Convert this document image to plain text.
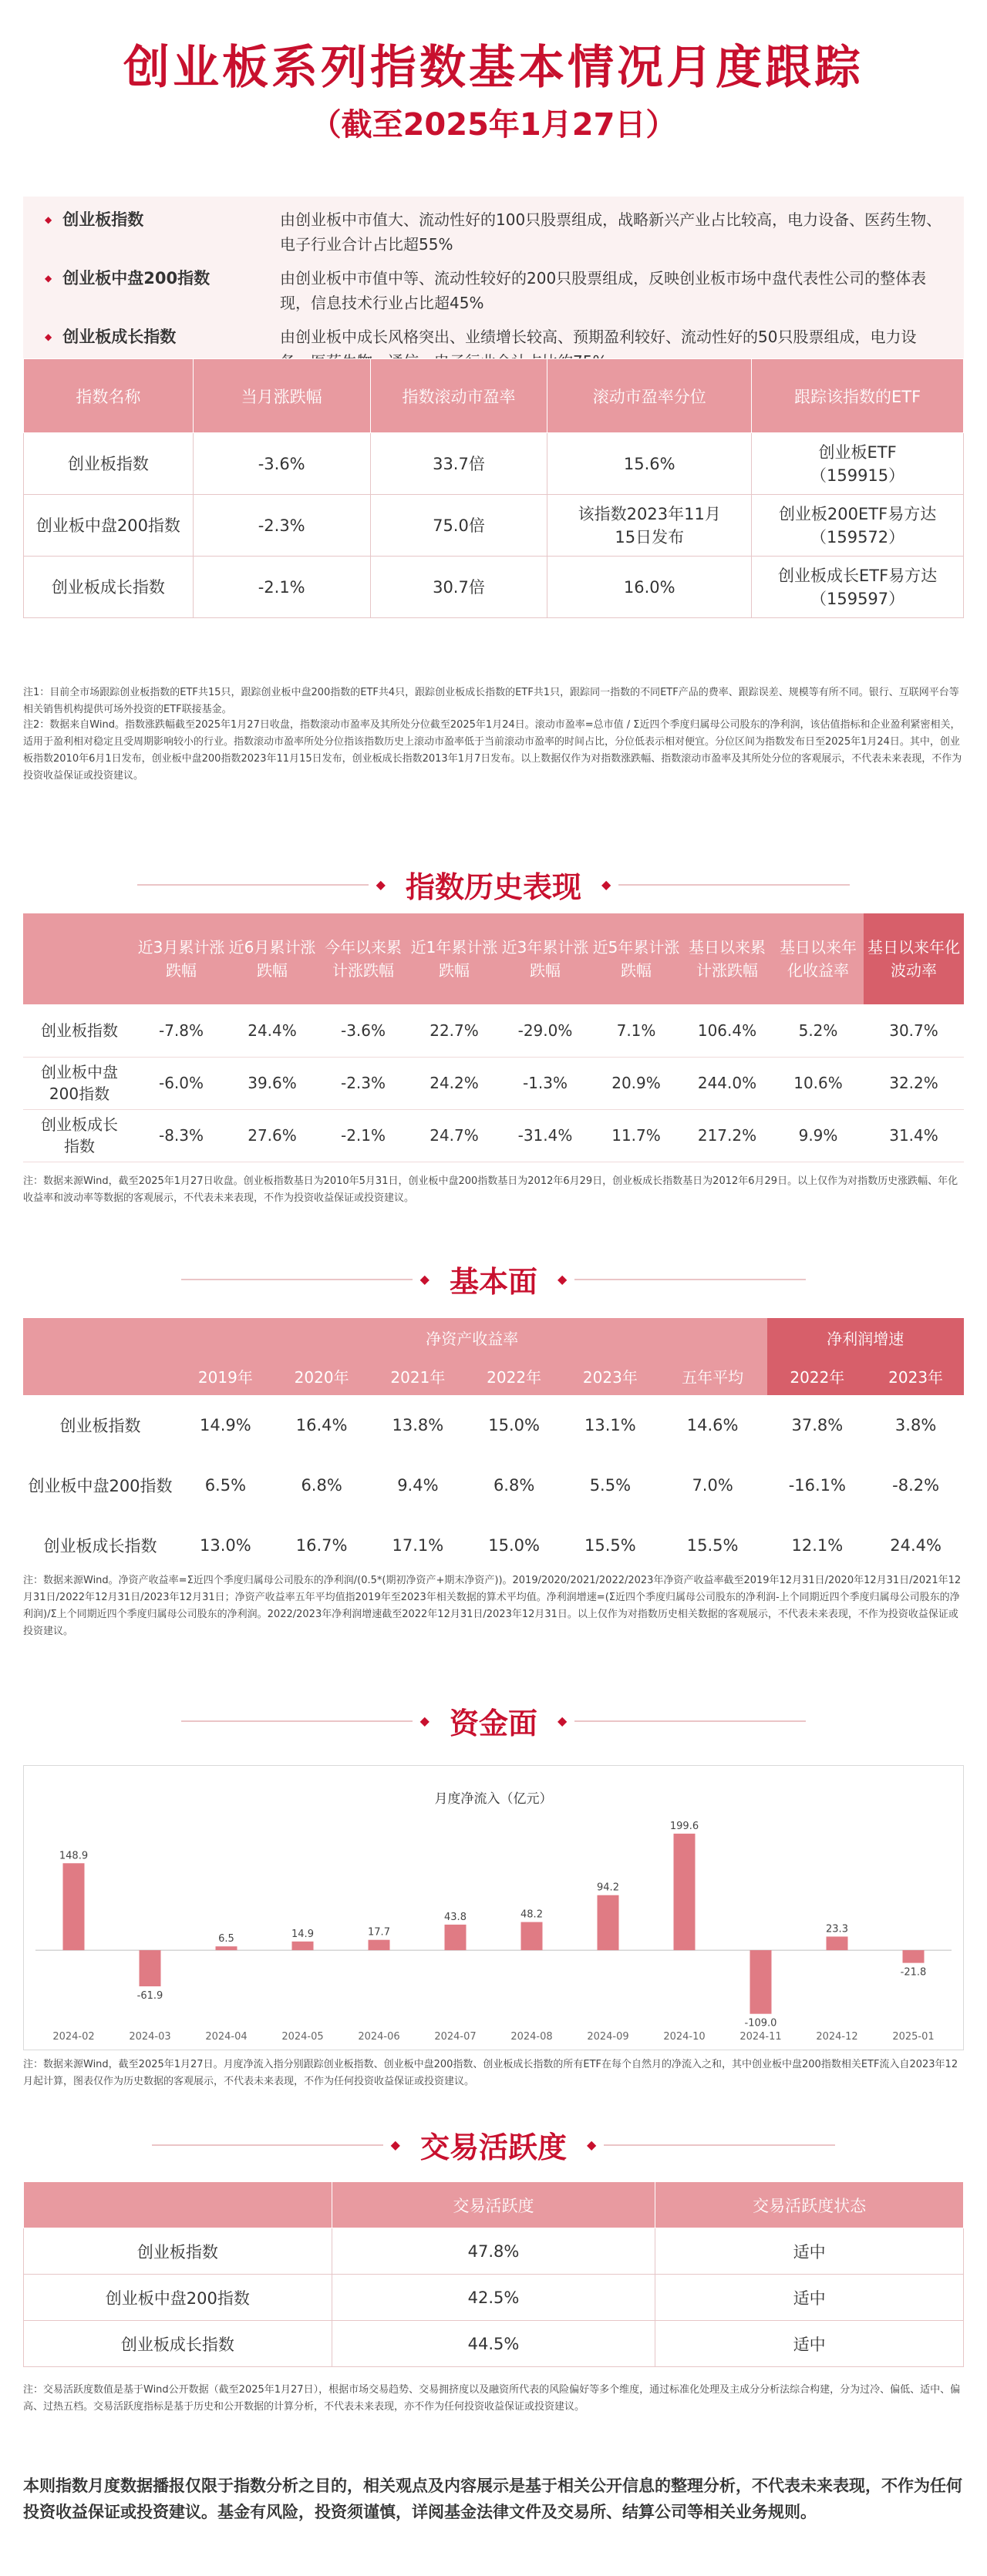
创业板系列指数基本情况月度跟踪
（截至2025年1月27日）
◆ 创业板指数	由创业板中市值大、流动性好的100只股票组成，战略新兴产业占比较高，电力设备、医药生物、电子行业合计占比超55%
◆ 创业板中盘200指数	由创业板中市值中等、流动性较好的200只股票组成，反映创业板市场中盘代表性公司的整体表现，信息技术行业占比超45%
◆ 创业板成长指数	由创业板中成长风格突出、业绩增长较高、预期盈利较好、流动性好的50只股票组成，电力设
指数名称	当月涨跌幅	指数滚动市盈率	滚动市盈率分位	跟踪该指数的ETF
创业板指数	-3.6%	33.7倍	15.6%	创业板ETF
（159915）
创业板中盘200指数	-2.3%	75.0倍	该指数2023年11月15日发布	创业板200ETF易方达
（159572）
创业板成长指数	-2.1%	30.7倍	16.0%	创业板成长ETF易方达
（159597）
注1：目前全市场跟踪创业板指数的ETF共15只，跟踪创业板中盘200指数的ETF共4只，跟踪创业板成长指数的ETF共1只，跟踪同一指数的不同ETF产品的费率、跟踪误差、规模等有所不同。银行、互联网平台等相关销售机构提供可场外投资的ETF联接基金。
注2：数据来自Wind。指数涨跌幅截至2025年1月27日收盘，指数滚动市盈率及其所处分位截至2025年1月24日。滚动市盈率=总市值 / Σ近四个季度归属母公司股东的净利润，该估值指标和企业盈利紧密相关，适用于盈利相对稳定且受周期影响较小的行业。指数滚动市盈率所处分位指该指数历史上滚动市盈率低于当前滚动市盈率的时间占比，分位低表示相对便宜。分位区间为指数发布日至2025年1月24日。其中，创业板指数2010年6月1日发布，创业板中盘200指数2023年11月15日发布，创业板成长指数2013年1月7日发布。以上数据仅作为对指数涨跌幅、指数滚动市盈率及其所处分位的客观展示，不代表未来表现，不作为投资收益保证或投资建议。
◆ 指数历史表现 ◆
	近3月累计涨跌幅	近6月累计涨跌幅	今年以来累计涨跌幅	近1年累计涨跌幅	近3年累计涨跌幅	近5年累计涨跌幅	基日以来累计涨跌幅	基日以来年化收益率	基日以来年化波动率
创业板指数	-7.8%	24.4%	-3.6%	22.7%	-29.0%	7.1%	106.4%	5.2%	30.7%
创业板中盘200指数	-6.0%	39.6%	-2.3%	24.2%	-1.3%	20.9%	244.0%	10.6%	32.2%
创业板成长指数	-8.3%	27.6%	-2.1%	24.7%	-31.4%	11.7%	217.2%	9.9%	31.4%
注：数据来源Wind，截至2025年1月27日收盘。创业板指数基日为2010年5月31日，创业板中盘200指数基日为2012年6月29日，创业板成长指数基日为2012年6月29日。以上仅作为对指数历史涨跌幅、年化收益率和波动率等数据的客观展示，不代表未来表现，不作为投资收益保证或投资建议。
◆ 基本面 ◆
	净资产收益率						净利润增速	
	2019年	2020年	2021年	2022年	2023年	五年平均	2022年	2023年
创业板指数	14.9%	16.4%	13.8%	15.0%	13.1%	14.6%	37.8%	3.8%
创业板中盘200指数	6.5%	6.8%	9.4%	6.8%	5.5%	7.0%	-16.1%	-8.2%
创业板成长指数	13.0%	16.7%	17.1%	15.0%	15.5%	15.5%	12.1%	24.4%
注：数据来源Wind。净资产收益率=Σ近四个季度归属母公司股东的净利润/(0.5*(期初净资产+期末净资产))。2019/2020/2021/2022/2023年净资产收益率截至2019年12月31日/2020年12月31日/2021年12月31日/2022年12月31日/2023年12月31日；净资产收益率五年平均值指2019年至2023年相关数据的算术平均值。净利润增速=(Σ近四个季度归属母公司股东的净利润-上个同期近四个季度归属母公司股东的净利润)/Σ上个同期近四个季度归属母公司股东的净利润。2022/2023年净利润增速截至2022年12月31日/2023年12月31日。以上仅作为对指数历史相关数据的客观展示，不代表未来表现，不作为投资收益保证或投资建议。
◆ 资金面 ◆
月度净流入（亿元）
148.9
2024-02
-61.9
2024-03
6.5
2024-04
14.9
2024-05
17.7
2024-06
43.8
2024-07
48.2
2024-08
94.2
2024-09
199.6
2024-10
-109.0
2024-11
23.3
2024-12
-21.8
2025-01
注：数据来源Wind，截至2025年1月27日。月度净流入指分别跟踪创业板指数、创业板中盘200指数、创业板成长指数的所有ETF在每个自然月的净流入之和，其中创业板中盘200指数相关ETF流入自2023年12月起计算，图表仅作为历史数据的客观展示，不代表未来表现，不作为任何投资收益保证或投资建议。
◆ 交易活跃度 ◆
	交易活跃度	交易活跃度状态
创业板指数	47.8%	适中
创业板中盘200指数	42.5%	适中
创业板成长指数	44.5%	适中
注：交易活跃度数值是基于Wind公开数据（截至2025年1月27日），根据市场交易趋势、交易拥挤度以及融资所代表的风险偏好等多个维度，通过标准化处理及主成分分析法综合构建，分为过冷、偏低、适中、偏高、过热五档。交易活跃度指标是基于历史和公开数据的计算分析，不代表未来表现，亦不作为任何投资收益保证或投资建议。
本则指数月度数据播报仅限于指数分析之目的，相关观点及内容展示是基于相关公开信息的整理分析，不代表未来表现，不作为任何投资收益保证或投资建议。基金有风险，投资须谨慎，详阅基金法律文件及交易所、结算公司等相关业务规则。
